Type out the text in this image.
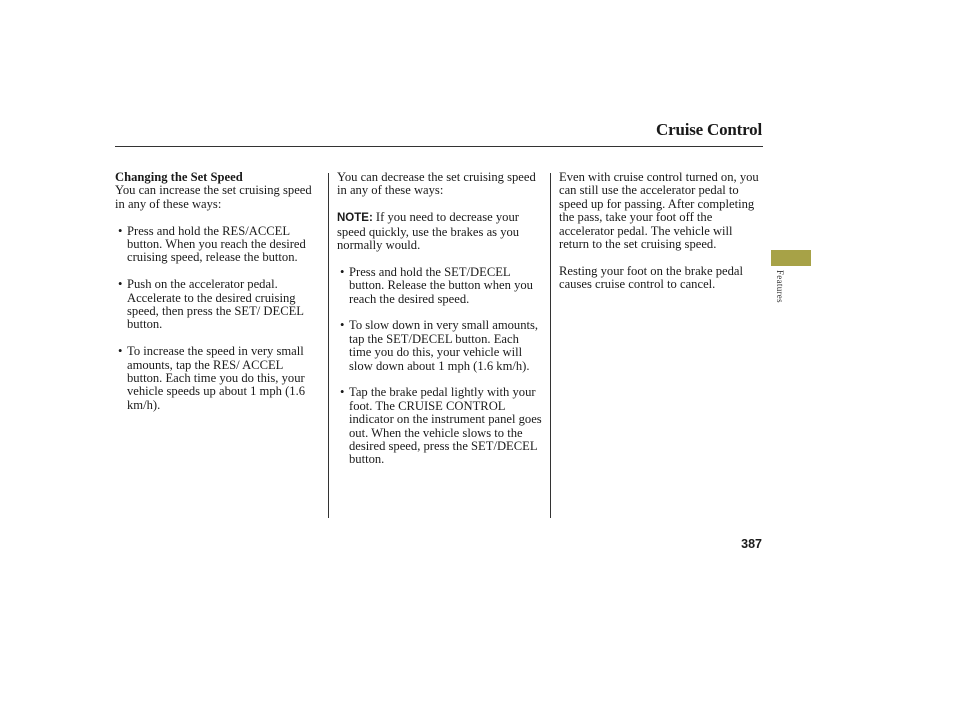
Cruise Control
Changing the Set Speed

You can increase the set cruising speed in any of these ways:

• Press and hold the RES/ACCEL button. When you reach the desired cruising speed, release the button.
• Push on the accelerator pedal. Accelerate to the desired cruising speed, then press the SET/ DECEL button.
• To increase the speed in very small amounts, tap the RES/ ACCEL button. Each time you do this, your vehicle speeds up about 1 mph (1.6 km/h).

You can decrease the set cruising speed in any of these ways:

NOTE: If you need to decrease your speed quickly, use the brakes as you normally would.

• Press and hold the SET/DECEL button. Release the button when you reach the desired speed.
• To slow down in very small amounts, tap the SET/DECEL button. Each time you do this, your vehicle will slow down about 1 mph (1.6 km/h).
• Tap the brake pedal lightly with your foot. The CRUISE CONTROL indicator on the instrument panel goes out. When the vehicle slows to the desired speed, press the SET/DECEL button.

Even with cruise control turned on, you can still use the accelerator pedal to speed up for passing. After completing the pass, take your foot off the accelerator pedal. The vehicle will return to the set cruising speed.

Resting your foot on the brake pedal causes cruise control to cancel.	Features
387
